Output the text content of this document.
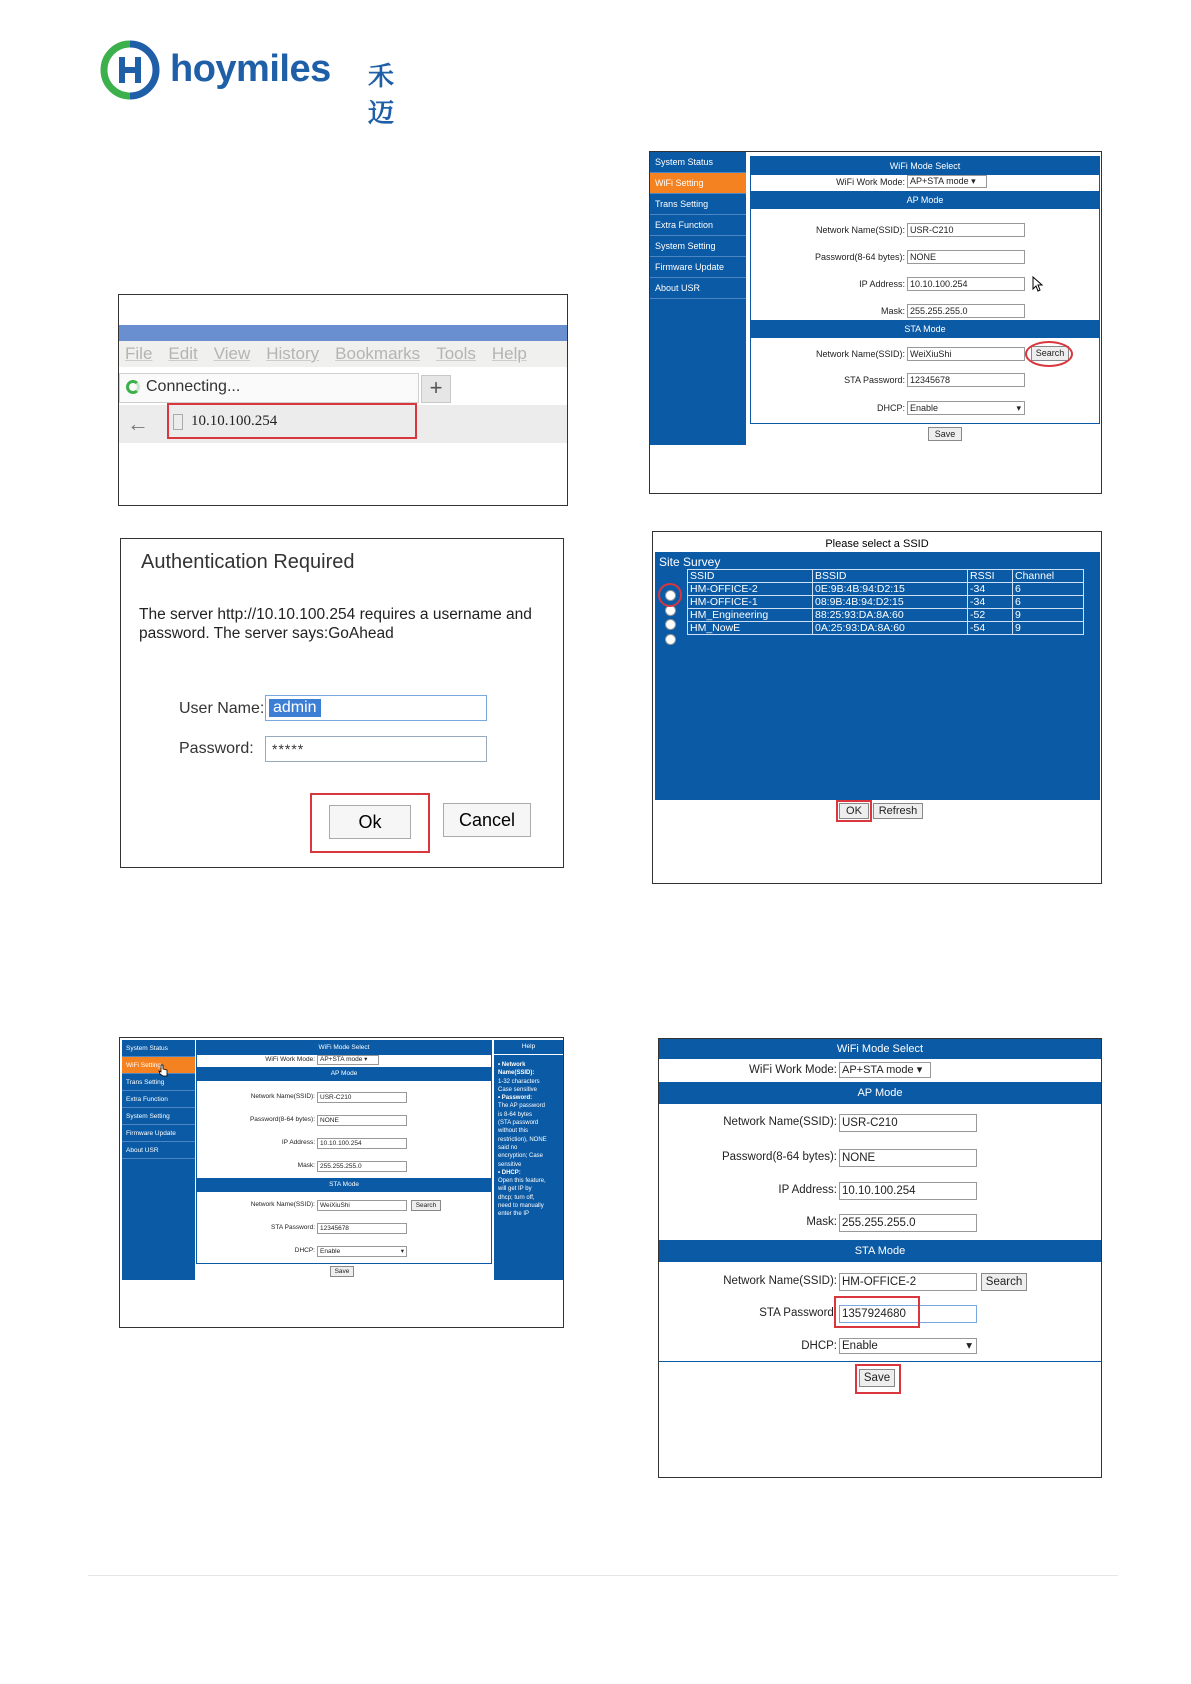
hoymiles 禾迈
File Edit View History Bookmarks Tools Help
Connecting...	+
←	10.10.100.254
Authentication Required
The server http://10.10.100.254 requires a username and
password. The server says:GoAhead
User Name: admin
Password: *****
Ok	Cancel
System Status
WiFi Setting
Trans Setting
Extra Function
System Setting
Firmware Update
About USR
WiFi Mode Select
WiFi Work Mode: AP+STA mode ▾
AP Mode
Network Name(SSID): USR-C210
Password(8-64 bytes): NONE
IP Address: 10.10.100.254
Mask: 255.255.255.0
STA Mode
Network Name(SSID): WeiXiuShi	Search
STA Password: 12345678
DHCP: Enable	▾
Save
Please select a SSID
Site Survey
SSID	BSSID	RSSI	Channel
HM-OFFICE-2	0E:9B:4B:94:D2:15	-34	6
HM-OFFICE-1	08:9B:4B:94:D2:15	-34	6
HM_Engineering	88:25:93:DA:8A:60	-52	9
HM_NowE	0A:25:93:DA:8A:60	-54	9
OK	Refresh
System Status
WiFi Setting
Trans Setting
Extra Function
System Setting
Firmware Update
About USR
WiFi Mode Select
WiFi Work Mode: AP+STA mode ▾
AP Mode
Network Name(SSID): USR-C210
Password(8-64 bytes): NONE
IP Address: 10.10.100.254
Mask: 255.255.255.0
STA Mode
Network Name(SSID): WeiXiuShi	Search
STA Password: 12345678
DHCP: Enable	▾
Save
Help
• Network Name(SSID):
1-32 characters
Case sensitive
• Password:
The AP password
is 8-64 bytes
(STA password
without this
restriction), NONE
said no
encryption; Case
sensitive
• DHCP:
Open this feature,
will get IP by
dhcp; turn off,
need to manually
enter the IP
WiFi Mode Select
WiFi Work Mode: AP+STA mode ▾
AP Mode
Network Name(SSID): USR-C210
Password(8-64 bytes): NONE
IP Address: 10.10.100.254
Mask: 255.255.255.0
STA Mode
Network Name(SSID): HM-OFFICE-2	Search
STA Password: 1357924680
DHCP: Enable	▾
Save
